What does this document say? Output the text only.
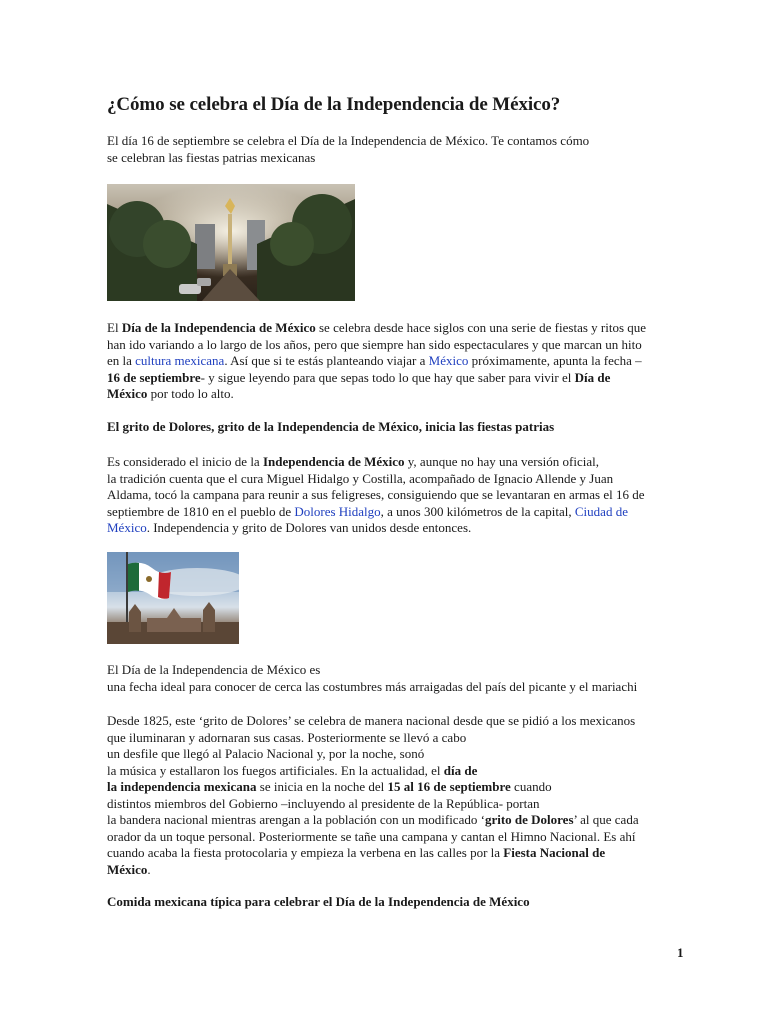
¿Cómo se celebra el Día de la Independencia de México?

El día 16 de septiembre se celebra el Día de la Independencia de México. Te contamos cómo
se celebran las fiestas patrias mexicanas

El Día de la Independencia de México se celebra desde hace siglos con una serie de fiestas y ritos que
han ido variando a lo largo de los años, pero que siempre han sido espectaculares y que marcan un hito
en la cultura mexicana. Así que si te estás planteando viajar a México próximamente, apunta la fecha –
16 de septiembre- y sigue leyendo para que sepas todo lo que hay que saber para vivir el Día de
México por todo lo alto.

El grito de Dolores, grito de la Independencia de México, inicia las fiestas patrias

Es considerado el inicio de la Independencia de México y, aunque no hay una versión oficial,
la tradición cuenta que el cura Miguel Hidalgo y Costilla, acompañado de Ignacio Allende y Juan
Aldama, tocó la campana para reunir a sus feligreses, consiguiendo que se levantaran en armas el 16 de
septiembre de 1810 en el pueblo de Dolores Hidalgo, a unos 300 kilómetros de la capital, Ciudad de
México. Independencia y grito de Dolores van unidos desde entonces.

El Día de la Independencia de México es
una fecha ideal para conocer de cerca las costumbres más arraigadas del país del picante y el mariachi

Desde 1825, este ‘grito de Dolores’ se celebra de manera nacional desde que se pidió a los mexicanos
que iluminaran y adornaran sus casas. Posteriormente se llevó a cabo
un desfile que llegó al Palacio Nacional y, por la noche, sonó
la música y estallaron los fuegos artificiales. En la actualidad, el día de
la independencia mexicana se inicia en la noche del 15 al 16 de septiembre cuando
distintos miembros del Gobierno –incluyendo al presidente de la República- portan
la bandera nacional mientras arengan a la población con un modificado ‘grito de Dolores’ al que cada
orador da un toque personal. Posteriormente se tañe una campana y cantan el Himno Nacional. Es ahí
cuando acaba la fiesta protocolaria y empieza la verbena en las calles por la Fiesta Nacional de
México.

Comida mexicana típica para celebrar el Día de la Independencia de México

1
